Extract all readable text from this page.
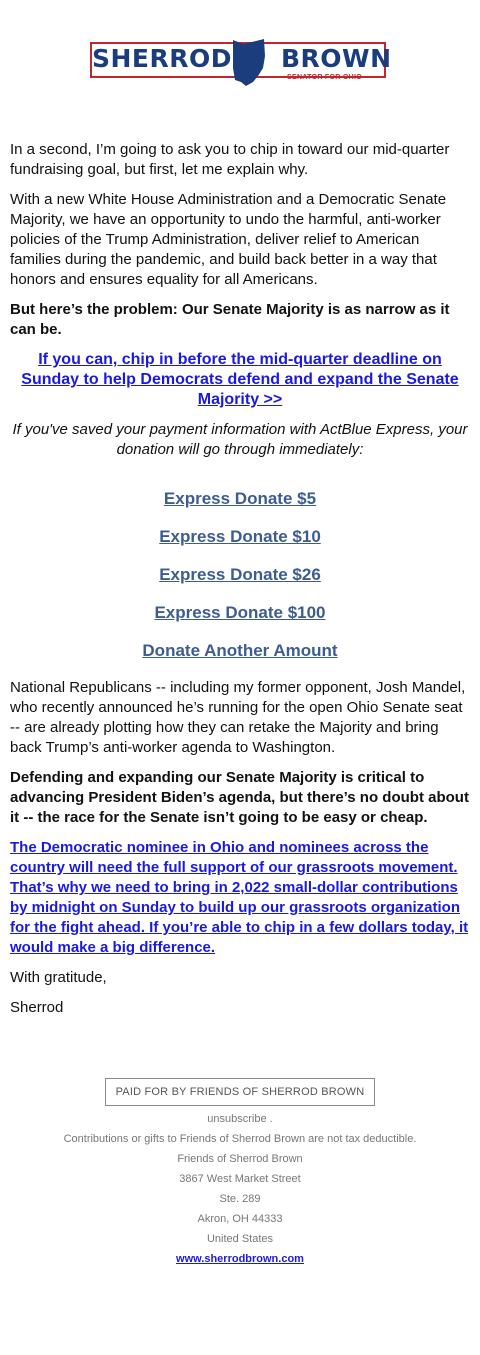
SHERROD BROWN
SENATOR FOR OHIO

In a second, I’m going to ask you to chip in toward our mid-quarter fundraising goal, but first, let me explain why.

With a new White House Administration and a Democratic Senate Majority, we have an opportunity to undo the harmful, anti-worker policies of the Trump Administration, deliver relief to American families during the pandemic, and build back better in a way that honors and ensures equality for all Americans.

But here’s the problem: Our Senate Majority is as narrow as it can be.

If you can, chip in before the mid-quarter deadline on Sunday to help Democrats defend and expand the Senate Majority >>

If you've saved your payment information with ActBlue Express, your donation will go through immediately:

Express Donate $5
Express Donate $10
Express Donate $26
Express Donate $100
Donate Another Amount

National Republicans -- including my former opponent, Josh Mandel, who recently announced he’s running for the open Ohio Senate seat -- are already plotting how they can retake the Majority and bring back Trump’s anti-worker agenda to Washington.

Defending and expanding our Senate Majority is critical to advancing President Biden’s agenda, but there’s no doubt about it -- the race for the Senate isn’t going to be easy or cheap.

The Democratic nominee in Ohio and nominees across the country will need the full support of our grassroots movement. That’s why we need to bring in 2,022 small-dollar contributions by midnight on Sunday to build up our grassroots organization for the fight ahead. If you’re able to chip in a few dollars today, it would make a big difference.

With gratitude,

Sherrod

PAID FOR BY FRIENDS OF SHERROD BROWN
unsubscribe .
Contributions or gifts to Friends of Sherrod Brown are not tax deductible.
Friends of Sherrod Brown
3867 West Market Street
Ste. 289
Akron, OH 44333
United States
www.sherrodbrown.com
